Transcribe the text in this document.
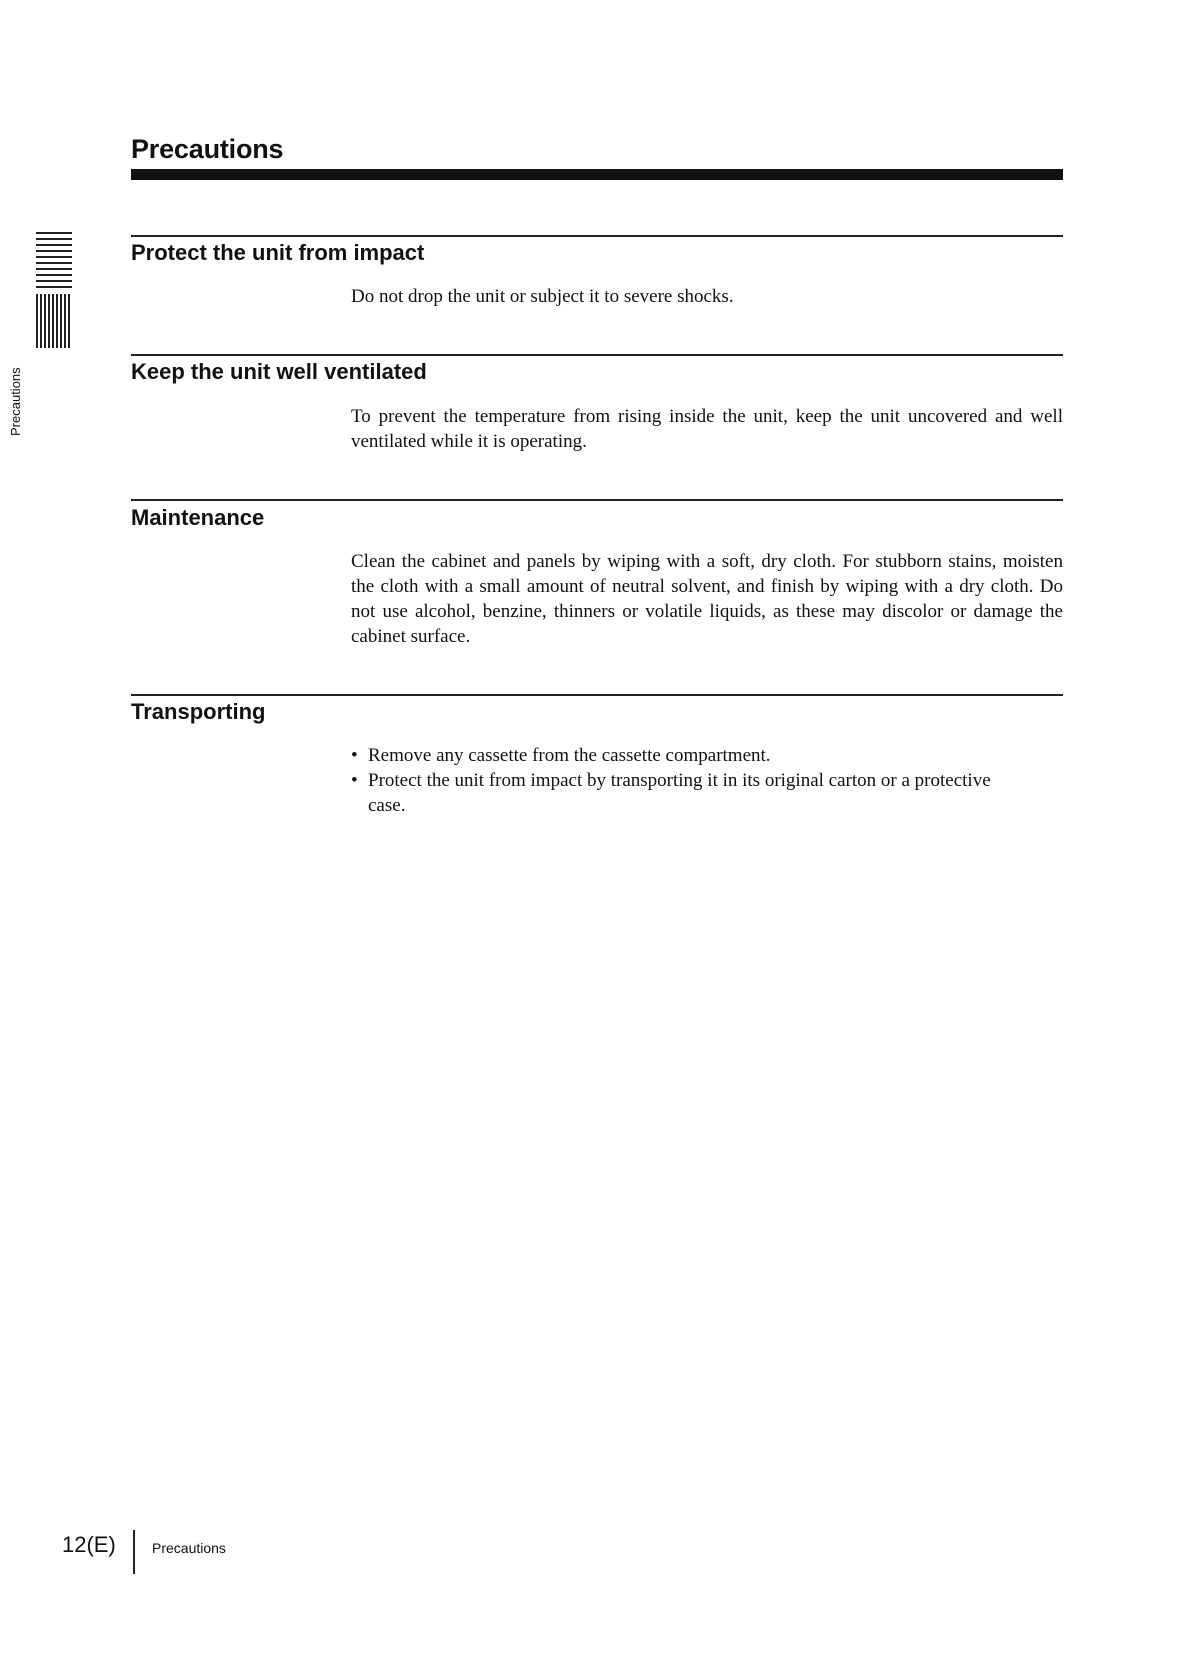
Precautions
Precautions
Protect the unit from impact

Do not drop the unit or subject it to severe shocks.

Keep the unit well ventilated

To prevent the temperature from rising inside the unit, keep the unit uncovered and well ventilated while it is operating.

Maintenance

Clean the cabinet and panels by wiping with a soft, dry cloth. For stubborn stains, moisten the cloth with a small amount of neutral solvent, and finish by wiping with a dry cloth. Do not use alcohol, benzine, thinners or volatile liquids, as these may discolor or damage the cabinet surface.

Transporting
• Remove any cassette from the cassette compartment.
• Protect the unit from impact by transporting it in its original carton or a protective case.
12(E)	Precautions
